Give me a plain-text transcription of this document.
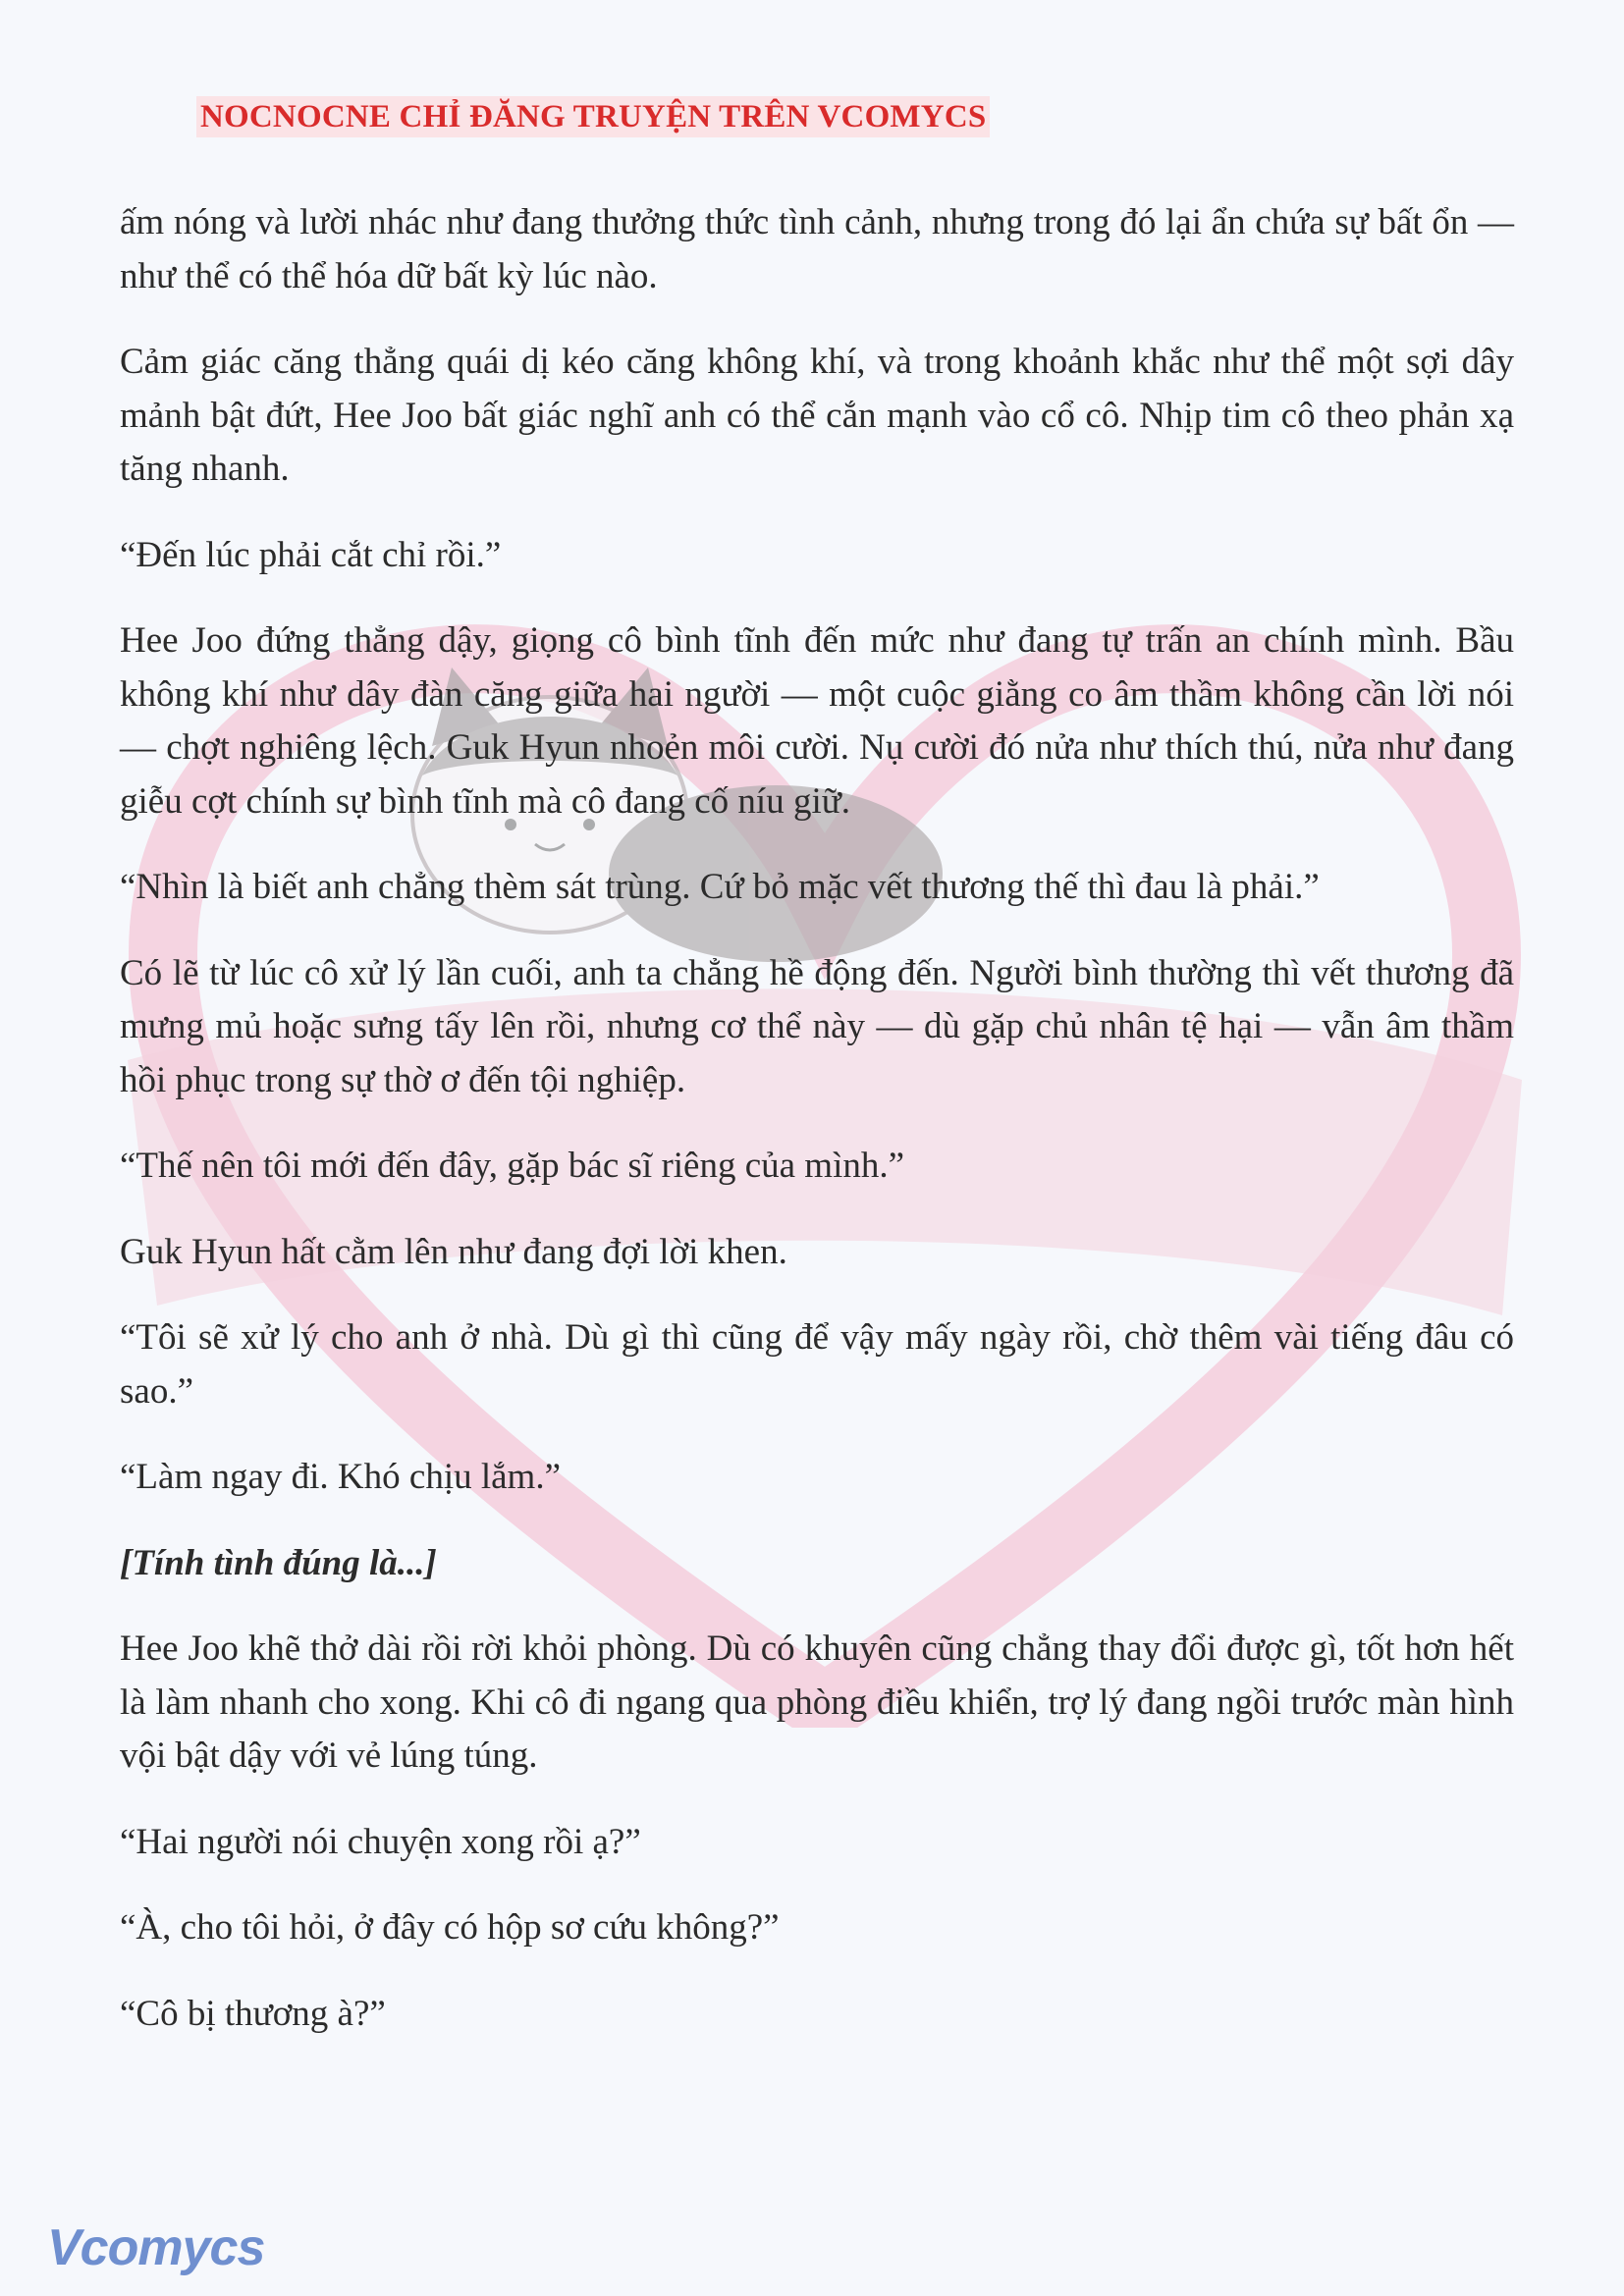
NOCNOCNE CHỈ ĐĂNG TRUYỆN TRÊN VCOMYCS

ấm nóng và lười nhác như đang thưởng thức tình cảnh, nhưng trong đó lại ẩn chứa sự bất ổn — như thể có thể hóa dữ bất kỳ lúc nào.

Cảm giác căng thẳng quái dị kéo căng không khí, và trong khoảnh khắc như thể một sợi dây mảnh bật đứt, Hee Joo bất giác nghĩ anh có thể cắn mạnh vào cổ cô. Nhịp tim cô theo phản xạ tăng nhanh.

“Đến lúc phải cắt chỉ rồi.”

Hee Joo đứng thẳng dậy, giọng cô bình tĩnh đến mức như đang tự trấn an chính mình. Bầu không khí như dây đàn căng giữa hai người — một cuộc giằng co âm thầm không cần lời nói — chợt nghiêng lệch. Guk Hyun nhoẻn môi cười. Nụ cười đó nửa như thích thú, nửa như đang giễu cợt chính sự bình tĩnh mà cô đang cố níu giữ.

“Nhìn là biết anh chẳng thèm sát trùng. Cứ bỏ mặc vết thương thế thì đau là phải.”

Có lẽ từ lúc cô xử lý lần cuối, anh ta chẳng hề động đến. Người bình thường thì vết thương đã mưng mủ hoặc sưng tấy lên rồi, nhưng cơ thể này — dù gặp chủ nhân tệ hại — vẫn âm thầm hồi phục trong sự thờ ơ đến tội nghiệp.

“Thế nên tôi mới đến đây, gặp bác sĩ riêng của mình.”

Guk Hyun hất cằm lên như đang đợi lời khen.

“Tôi sẽ xử lý cho anh ở nhà. Dù gì thì cũng để vậy mấy ngày rồi, chờ thêm vài tiếng đâu có sao.”

“Làm ngay đi. Khó chịu lắm.”

[Tính tình đúng là...]

Hee Joo khẽ thở dài rồi rời khỏi phòng. Dù có khuyên cũng chẳng thay đổi được gì, tốt hơn hết là làm nhanh cho xong. Khi cô đi ngang qua phòng điều khiển, trợ lý đang ngồi trước màn hình vội bật dậy với vẻ lúng túng.

“Hai người nói chuyện xong rồi ạ?”

“À, cho tôi hỏi, ở đây có hộp sơ cứu không?”

“Cô bị thương à?”

Vcomycs
